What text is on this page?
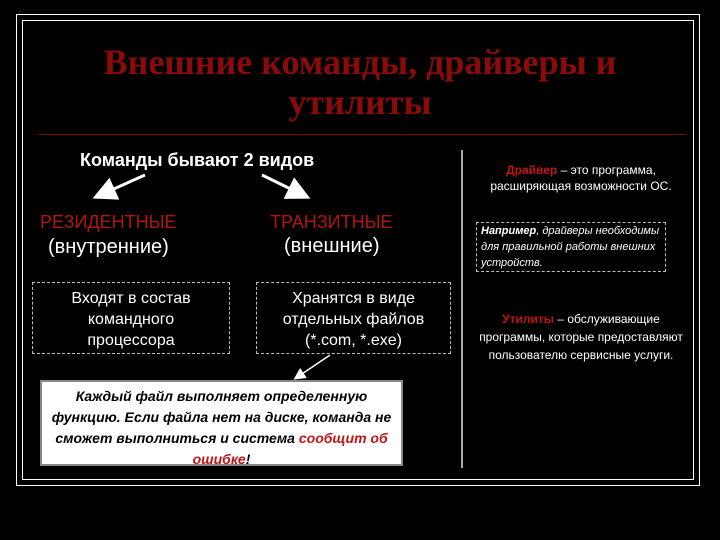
Внешние команды, драйверы и утилиты
Команды бывают 2 видов
РЕЗИДЕНТНЫЕ
(внутренние)
ТРАНЗИТНЫЕ
(внешние)
Входят в состав
командного
процессора
Хранятся в виде
отдельных файлов
(*.com, *.exe)
Каждый файл выполняет определенную функцию. Если файла нет на диске, команда не сможет выполниться и система сообщит об ошибке!
Драйвер – это программа, расширяющая возможности ОС.
Например, драйверы необходимы для правильной работы внешних устройств.
Утилиты – обслуживающие программы, которые предоставляют пользователю сервисные услуги.
